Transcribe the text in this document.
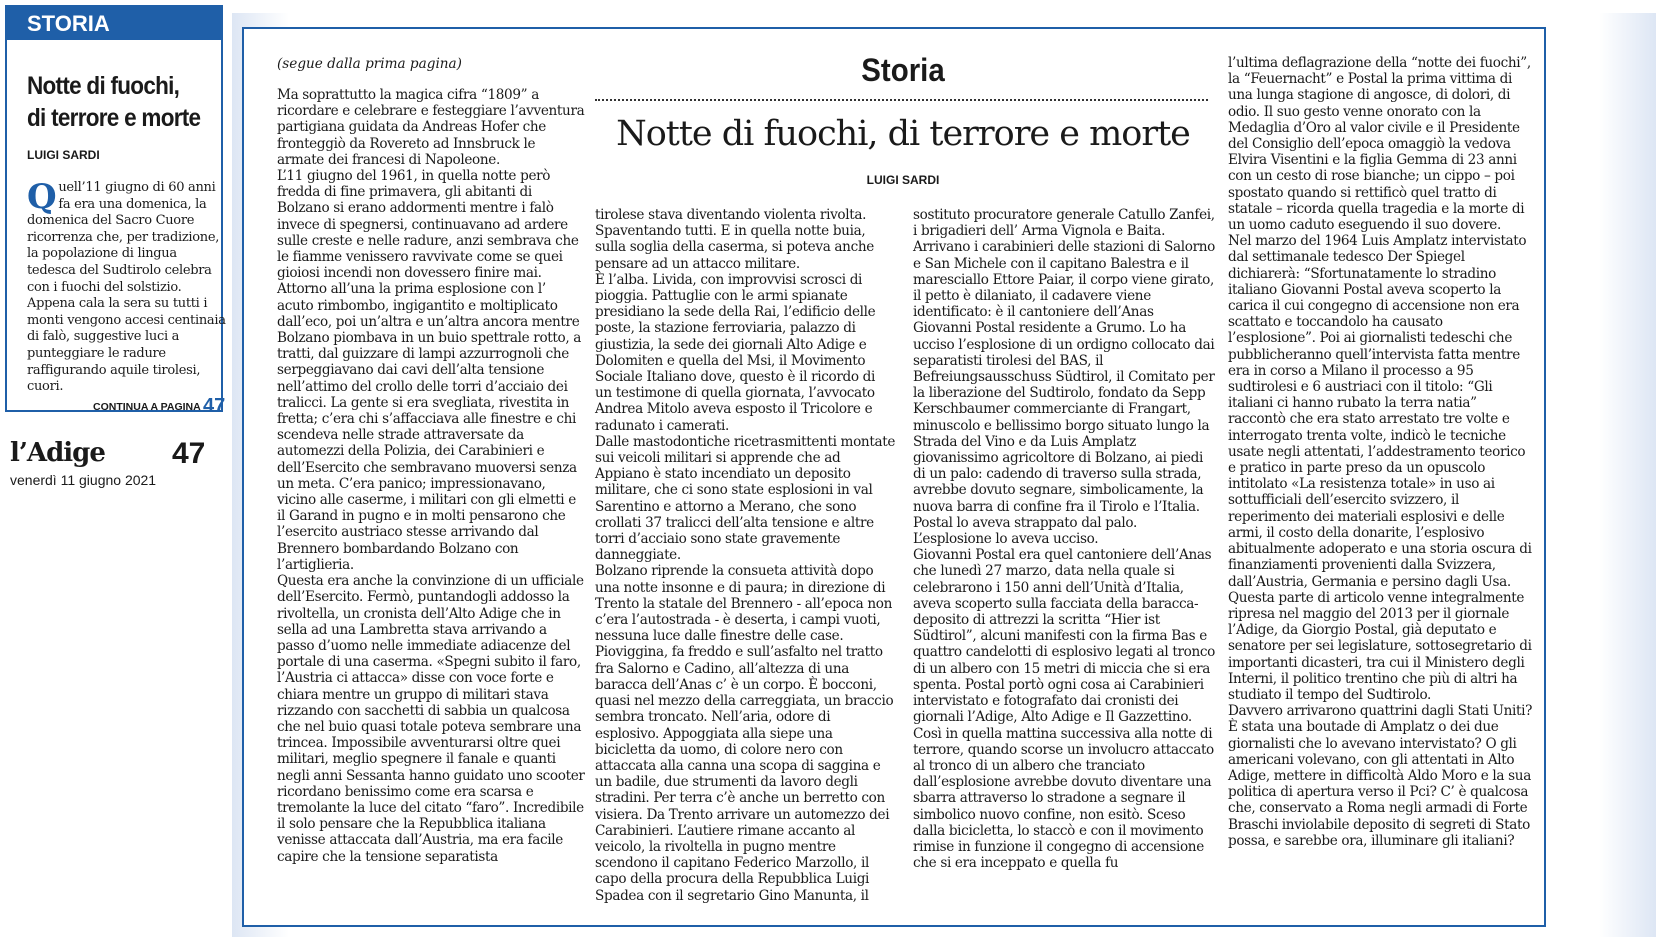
STORIA
Notte di fuochi,
di terrore e morte
LUIGI SARDI
Quell’11 giugno di 60 anni fa era una domenica, la domenica del Sacro Cuore ricorrenza che, per tradizione, la popolazione di lingua tedesca del Sudtirolo celebra con i fuochi del solstizio. Appena cala la sera su tutti i monti vengono accesi centinaia di falò, suggestive luci a punteggiare le radure raffigurando aquile tirolesi, cuori.
CONTINUA A PAGINA 47
l’Adige
venerdì 11 giugno 2021
47
(segue dalla prima pagina)	Storia
Notte di fuochi, di terrore e morte
LUIGI SARDI

Ma soprattutto la magica cifra “1809” a ricordare e celebrare e festeggiare l’avventura partigiana guidata da Andreas Hofer che fronteggiò da Rovereto ad Innsbruck le armate dei francesi di Napoleone.

L’11 giugno del 1961, in quella notte però fredda di fine primavera, gli abitanti di Bolzano si erano addormenti mentre i falò invece di spegnersi, continuavano ad ardere sulle creste e nelle radure, anzi sembrava che le fiamme venissero ravvivate come se quei gioiosi incendi non dovessero finire mai.

Attorno all’una la prima esplosione con l’ acuto rimbombo, ingigantito e moltiplicato dall’eco, poi un’altra e un’altra ancora mentre Bolzano piombava in un buio spettrale rotto, a tratti, dal guizzare di lampi azzurrognoli che serpeggiavano dai cavi dell’alta tensione nell’attimo del crollo delle torri d’acciaio dei tralicci. La gente si era svegliata, rivestita in fretta; c’era chi s’affacciava alle finestre e chi scendeva nelle strade attraversate da automezzi della Polizia, dei Carabinieri e dell’Esercito che sembravano muoversi senza un meta. C’era panico; impressionavano, vicino alle caserme, i militari con gli elmetti e il Garand in pugno e in molti pensarono che l’esercito austriaco stesse arrivando dal Brennero bombardando Bolzano con l’artiglieria.

Questa era anche la convinzione di un ufficiale dell’Esercito. Fermò, puntandogli addosso la rivoltella, un cronista dell’Alto Adige che in sella ad una Lambretta stava arrivando a passo d’uomo nelle immediate adiacenze del portale di una caserma. «Spegni subito il faro, l’Austria ci attacca» disse con voce forte e chiara mentre un gruppo di militari stava rizzando con sacchetti di sabbia un qualcosa che nel buio quasi totale poteva sembrare una trincea. Impossibile avventurarsi oltre quei militari, meglio spegnere il fanale e quanti negli anni Sessanta hanno guidato uno scooter ricordano benissimo come era scarsa e tremolante la luce del citato “faro”. Incredibile il solo pensare che la Repubblica italiana venisse attaccata dall’Austria, ma era facile capire che la tensione separatista

tirolese stava diventando violenta rivolta. Spaventando tutti. E in quella notte buia, sulla soglia della caserma, si poteva anche pensare ad un attacco militare.

È l’alba. Livida, con improvvisi scrosci di pioggia. Pattuglie con le armi spianate presidiano la sede della Rai, l’edificio delle poste, la stazione ferroviaria, palazzo di giustizia, la sede dei giornali Alto Adige e Dolomiten e quella del Msi, il Movimento Sociale Italiano dove, questo è il ricordo di un testimone di quella giornata, l’avvocato Andrea Mitolo aveva esposto il Tricolore e radunato i camerati.

Dalle mastodontiche ricetrasmittenti montate sui veicoli militari si apprende che ad Appiano è stato incendiato un deposito militare, che ci sono state esplosioni in val Sarentino e attorno a Merano, che sono crollati 37 tralicci dell’alta tensione e altre torri d’acciaio sono state gravemente danneggiate.

Bolzano riprende la consueta attività dopo una notte insonne e di paura; in direzione di Trento la statale del Brennero - all’epoca non c’era l’autostrada - è deserta, i campi vuoti, nessuna luce dalle finestre delle case. Pioviggina, fa freddo e sull’asfalto nel tratto fra Salorno e Cadino, all’altezza di una baracca dell’Anas c’ è un corpo. È bocconi, quasi nel mezzo della carreggiata, un braccio sembra troncato. Nell’aria, odore di esplosivo. Appoggiata alla siepe una bicicletta da uomo, di colore nero con attaccata alla canna una scopa di saggina e un badile, due strumenti da lavoro degli stradini. Per terra c’è anche un berretto con visiera. Da Trento arrivare un automezzo dei Carabinieri. L’autiere rimane accanto al veicolo, la rivoltella in pugno mentre scendono il capitano Federico Marzollo, il capo della procura della Repubblica Luigi Spadea con il segretario Gino Manunta, il

sostituto procuratore generale Catullo Zanfei, i brigadieri dell’ Arma Vignola e Baita. Arrivano i carabinieri delle stazioni di Salorno e San Michele con il capitano Balestra e il maresciallo Ettore Paiar, il corpo viene girato, il petto è dilaniato, il cadavere viene identificato: è il cantoniere dell’Anas Giovanni Postal residente a Grumo. Lo ha ucciso l’esplosione di un ordigno collocato dai separatisti tirolesi del BAS, il Befreiungsausschuss Südtirol, il Comitato per la liberazione del Sudtirolo, fondato da Sepp Kerschbaumer commerciante di Frangart, minuscolo e bellissimo borgo situato lungo la Strada del Vino e da Luis Amplatz giovanissimo agricoltore di Bolzano, ai piedi di un palo: cadendo di traverso sulla strada, avrebbe dovuto segnare, simbolicamente, la nuova barra di confine fra il Tirolo e l’Italia. Postal lo aveva strappato dal palo. L’esplosione lo aveva ucciso.

Giovanni Postal era quel cantoniere dell’Anas che lunedì 27 marzo, data nella quale si celebrarono i 150 anni dell’Unità d’Italia, aveva scoperto sulla facciata della baracca-deposito di attrezzi la scritta “Hier ist Südtirol”, alcuni manifesti con la firma Bas e quattro candelotti di esplosivo legati al tronco di un albero con 15 metri di miccia che si era spenta. Postal portò ogni cosa ai Carabinieri intervistato e fotografato dai cronisti dei giornali l’Adige, Alto Adige e Il Gazzettino. Così in quella mattina successiva alla notte di terrore, quando scorse un involucro attaccato al tronco di un albero che tranciato dall’esplosione avrebbe dovuto diventare una sbarra attraverso lo stradone a segnare il simbolico nuovo confine, non esitò. Sceso dalla bicicletta, lo staccò e con il movimento rimise in funzione il congegno di accensione che si era inceppato e quella fu

l’ultima deflagrazione della “notte dei fuochi”, la “Feuernacht” e Postal la prima vittima di una lunga stagione di angosce, di dolori, di odio. Il suo gesto venne onorato con la Medaglia d’Oro al valor civile e il Presidente del Consiglio dell’epoca omaggiò la vedova Elvira Visentini e la figlia Gemma di 23 anni con un cesto di rose bianche; un cippo – poi spostato quando si rettificò quel tratto di statale – ricorda quella tragedia e la morte di un uomo caduto eseguendo il suo dovere.

Nel marzo del 1964 Luis Amplatz intervistato dal settimanale tedesco Der Spiegel dichiarerà: “Sfortunatamente lo stradino italiano Giovanni Postal aveva scoperto la carica il cui congegno di accensione non era scattato e toccandolo ha causato l’esplosione”. Poi ai giornalisti tedeschi che pubblicheranno quell’intervista fatta mentre era in corso a Milano il processo a 95 sudtirolesi e 6 austriaci con il titolo: “Gli italiani ci hanno rubato la terra natia” raccontò che era stato arrestato tre volte e interrogato trenta volte, indicò le tecniche usate negli attentati, l’addestramento teorico e pratico in parte preso da un opuscolo intitolato «La resistenza totale» in uso ai sottufficiali dell’esercito svizzero, il reperimento dei materiali esplosivi e delle armi, il costo della donarite, l’esplosivo abitualmente adoperato e una storia oscura di finanziamenti provenienti dalla Svizzera, dall’Austria, Germania e persino dagli Usa. Questa parte di articolo venne integralmente ripresa nel maggio del 2013 per il giornale l’Adige, da Giorgio Postal, già deputato e senatore per sei legislature, sottosegretario di importanti dicasteri, tra cui il Ministero degli Interni, il politico trentino che più di altri ha studiato il tempo del Sudtirolo.

Davvero arrivarono quattrini dagli Stati Uniti? È stata una boutade di Amplatz o dei due giornalisti che lo avevano intervistato? O gli americani volevano, con gli attentati in Alto Adige, mettere in difficoltà Aldo Moro e la sua politica di apertura verso il Pci? C’ è qualcosa che, conservato a Roma negli armadi di Forte Braschi inviolabile deposito di segreti di Stato possa, e sarebbe ora, illuminare gli italiani?
